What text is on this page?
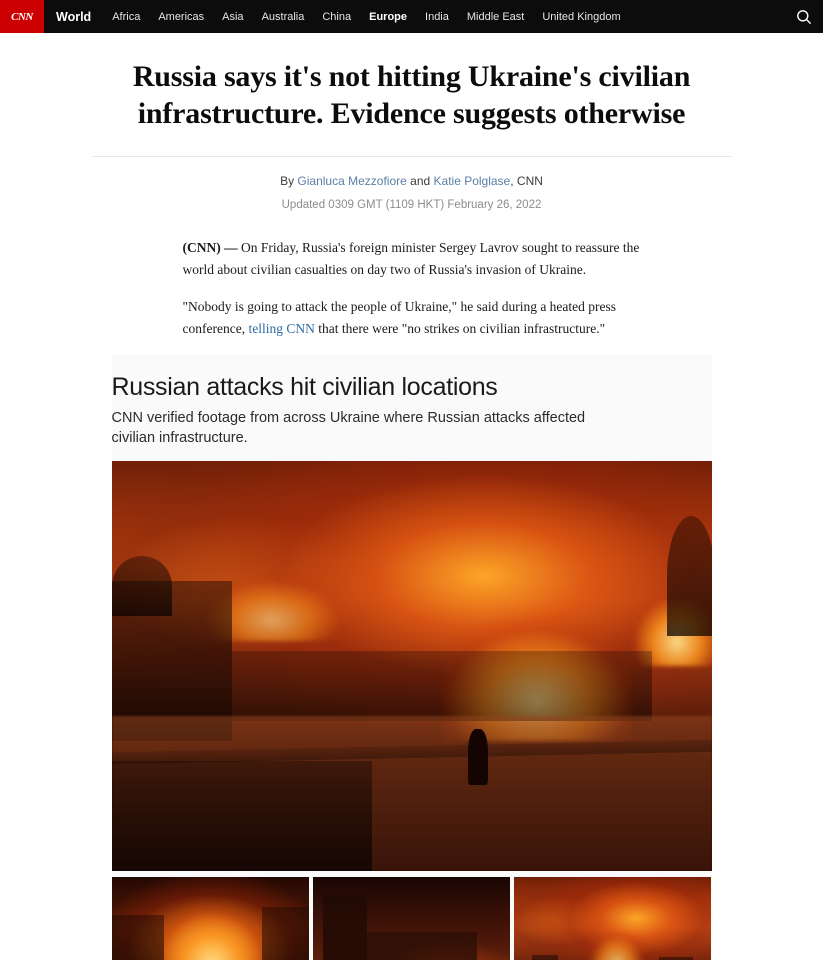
CNN	World	Africa	Americas	Asia	Australia	China	Europe	India	Middle East	United Kingdom
Russia says it's not hitting Ukraine's civilian infrastructure. Evidence suggests otherwise
By Gianluca Mezzofiore and Katie Polglase, CNN
Updated 0309 GMT (1109 HKT) February 26, 2022

(CNN) — On Friday, Russia's foreign minister Sergey Lavrov sought to reassure the world about civilian casualties on day two of Russia's invasion of Ukraine.

"Nobody is going to attack the people of Ukraine," he said during a heated press conference, telling CNN that there were "no strikes on civilian infrastructure."

Russian attacks hit civilian locations

CNN verified footage from across Ukraine where Russian attacks affected civilian infrastructure.
